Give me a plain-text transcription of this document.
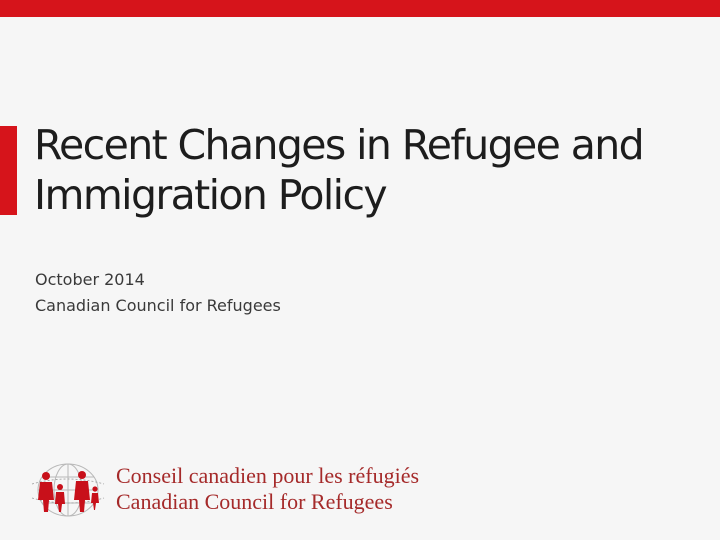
Recent Changes in Refugee and
Immigration Policy

October 2014

Canadian Council for Refugees

Conseil canadien pour les réfugiés

Canadian Council for Refugees
